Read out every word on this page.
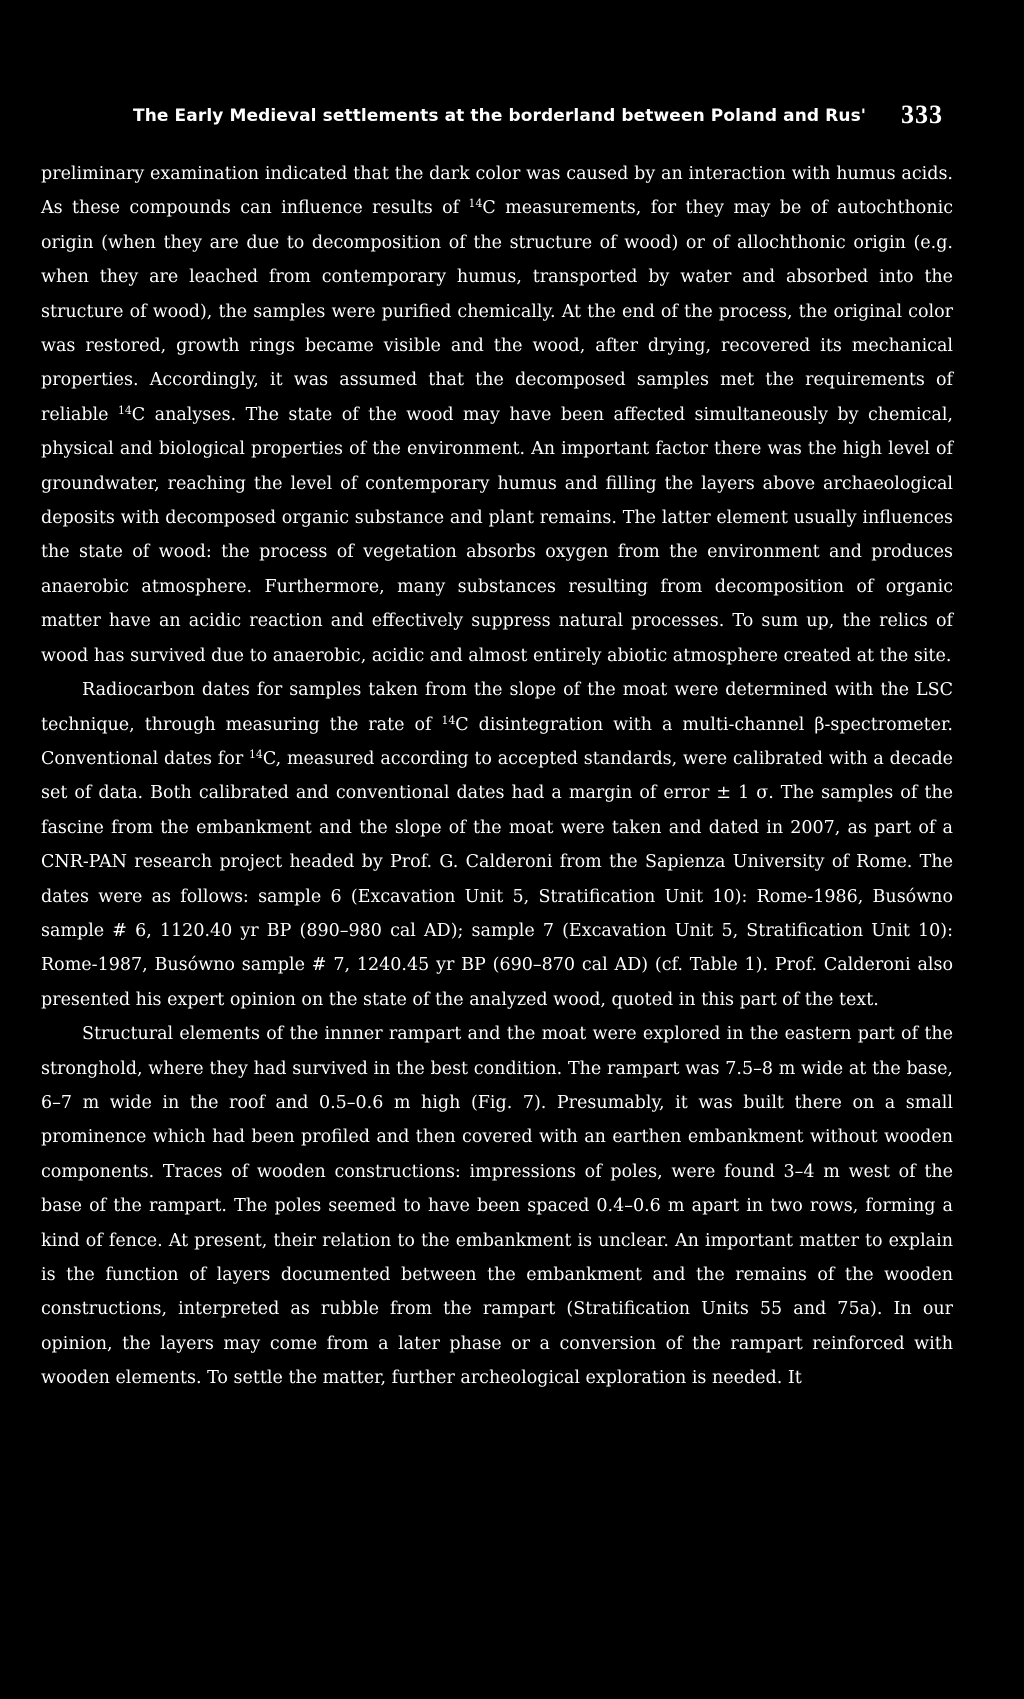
The Early Medieval settlements at the borderland between Poland and Rus' 333

preliminary examination indicated that the dark color was caused by an interaction with humus acids. As these compounds can influence results of $^{14}$C measurements, for they may be of autochthonic origin (when they are due to decomposition of the structure of wood) or of allochthonic origin (e.g. when they are leached from contemporary humus, transported by water and absorbed into the structure of wood), the samples were purified chemically. At the end of the process, the original color was restored, growth rings became visible and the wood, after drying, recovered its mechanical properties. Accordingly, it was assumed that the decomposed samples met the requirements of reliable $^{14}$C analyses. The state of the wood may have been affected simultaneously by chemical, physical and biological properties of the environment. An important factor there was the high level of groundwater, reaching the level of contemporary humus and filling the layers above archaeological deposits with decomposed organic substance and plant remains. The latter element usually influences the state of wood: the process of vegetation absorbs oxygen from the environment and produces anaerobic atmosphere. Furthermore, many substances resulting from decomposition of organic matter have an acidic reaction and effectively suppress natural processes. To sum up, the relics of wood has survived due to anaerobic, acidic and almost entirely abiotic atmosphere created at the site.

Radiocarbon dates for samples taken from the slope of the moat were determined with the LSC technique, through measuring the rate of $^{14}$C disintegration with a multi-channel β-spectrometer. Conventional dates for $^{14}$C, measured according to accepted standards, were calibrated with a decade set of data. Both calibrated and conventional dates had a margin of error ± 1 σ. The samples of the fascine from the embankment and the slope of the moat were taken and dated in 2007, as part of a CNR-PAN research project headed by Prof. G. Calderoni from the Sapienza University of Rome. The dates were as follows: sample 6 (Excavation Unit 5, Stratification Unit 10): Rome-1986, Busówno sample # 6, 1120.40 yr BP (890–980 cal AD); sample 7 (Excavation Unit 5, Stratification Unit 10): Rome-1987, Busówno sample # 7, 1240.45 yr BP (690–870 cal AD) (cf. Table 1). Prof. Calderoni also presented his expert opinion on the state of the analyzed wood, quoted in this part of the text.

Structural elements of the innner rampart and the moat were explored in the eastern part of the stronghold, where they had survived in the best condition. The rampart was 7.5–8 m wide at the base, 6–7 m wide in the roof and 0.5–0.6 m high (Fig. 7). Presumably, it was built there on a small prominence which had been profiled and then covered with an earthen embankment without wooden components. Traces of wooden constructions: impressions of poles, were found 3–4 m west of the base of the rampart. The poles seemed to have been spaced 0.4–0.6 m apart in two rows, forming a kind of fence. At present, their relation to the embankment is unclear. An important matter to explain is the function of layers documented between the embankment and the remains of the wooden constructions, interpreted as rubble from the rampart (Stratification Units 55 and 75a). In our opinion, the layers may come from a later phase or a conversion of the rampart reinforced with wooden elements. To settle the matter, further archeological exploration is needed. It
